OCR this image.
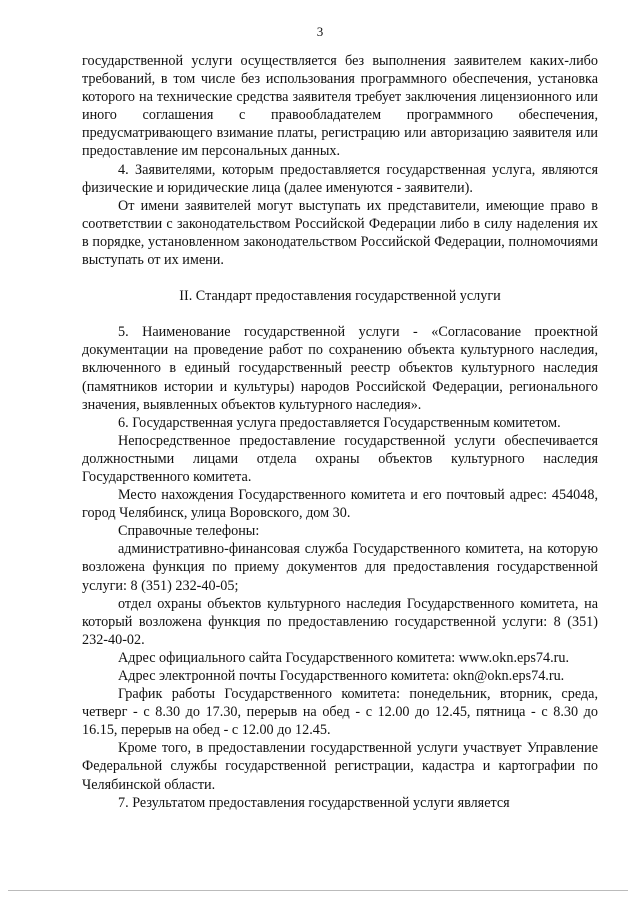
3

государственной услуги осуществляется без выполнения заявителем каких-либо требований, в том числе без использования программного обеспечения, установка которого на технические средства заявителя требует заключения лицензионного или иного соглашения с правообладателем программного обеспечения, предусматривающего взимание платы, регистрацию или авторизацию заявителя или предоставление им персональных данных.

4. Заявителями, которым предоставляется государственная услуга, являются физические и юридические лица (далее именуются - заявители).

От имени заявителей могут выступать их представители, имеющие право в соответствии с законодательством Российской Федерации либо в силу наделения их в порядке, установленном законодательством Российской Федерации, полномочиями выступать от их имени.

II. Стандарт предоставления государственной услуги

5. Наименование государственной услуги - «Согласование проектной документации на проведение работ по сохранению объекта культурного наследия, включенного в единый государственный реестр объектов культурного наследия (памятников истории и культуры) народов Российской Федерации, регионального значения, выявленных объектов культурного наследия».

6. Государственная услуга предоставляется Государственным комитетом.

Непосредственное предоставление государственной услуги обеспечивается должностными лицами отдела охраны объектов культурного наследия Государственного комитета.

Место нахождения Государственного комитета и его почтовый адрес: 454048, город Челябинск, улица Воровского, дом 30.

Справочные телефоны:

административно-финансовая служба Государственного комитета, на которую возложена функция по приему документов для предоставления государственной услуги: 8 (351) 232-40-05;

отдел охраны объектов культурного наследия Государственного комитета, на который возложена функция по предоставлению государственной услуги: 8 (351) 232-40-02.

Адрес официального сайта Государственного комитета: www.okn.eps74.ru.

Адрес электронной почты Государственного комитета: okn@okn.eps74.ru.

График работы Государственного комитета: понедельник, вторник, среда, четверг - с 8.30 до 17.30, перерыв на обед - с 12.00 до 12.45, пятница - с 8.30 до 16.15, перерыв на обед - с 12.00 до 12.45.

Кроме того, в предоставлении государственной услуги участвует Управление Федеральной службы государственной регистрации, кадастра и картографии по Челябинской области.

7. Результатом предоставления государственной услуги является
